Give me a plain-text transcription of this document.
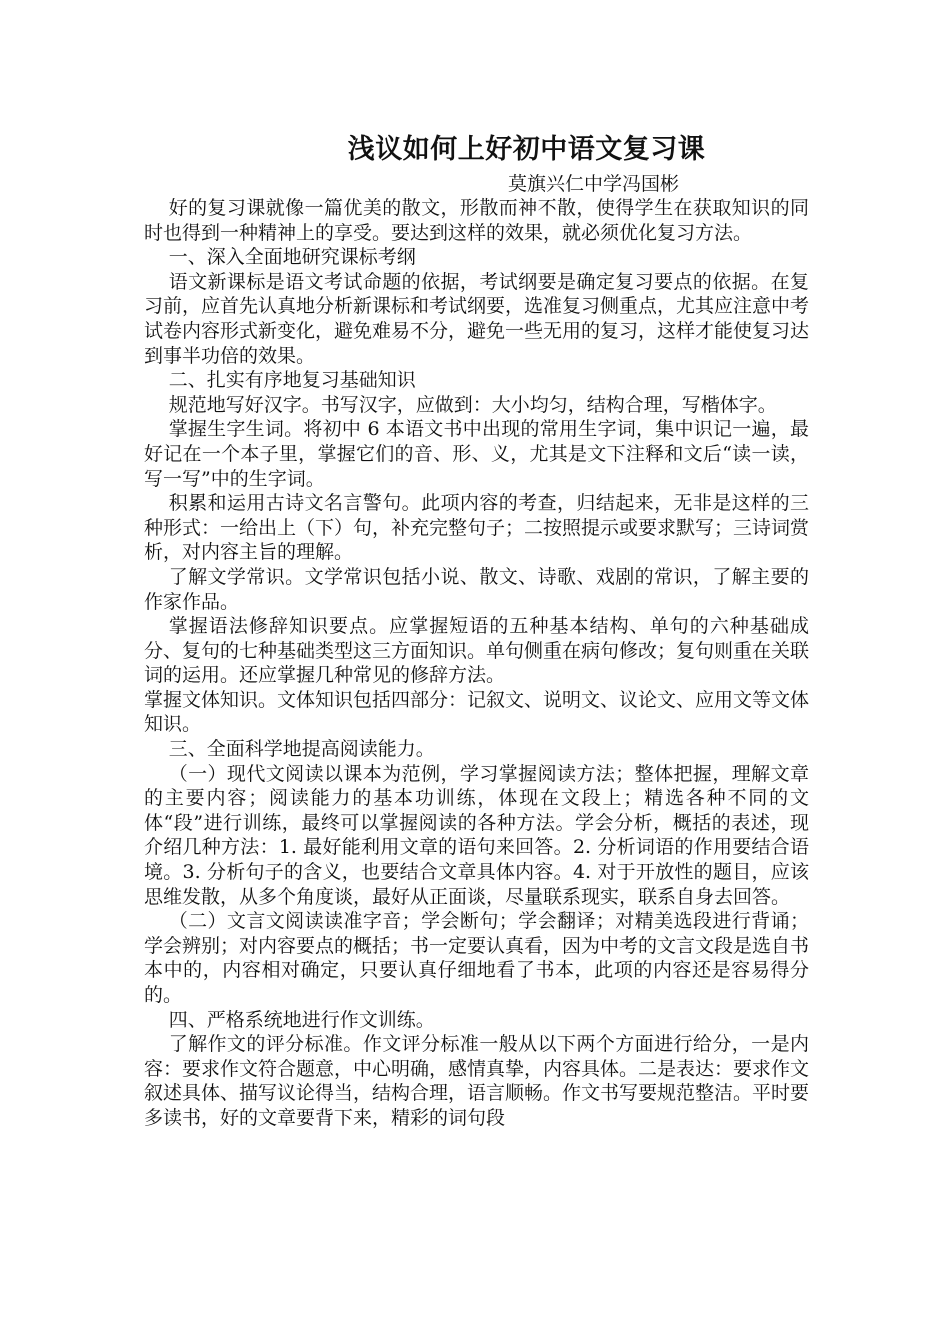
浅议如何上好初中语文复习课
莫旗兴仁中学冯国彬

好的复习课就像一篇优美的散文，形散而神不散，使得学生在获取知识的同时也得到一种精神上的享受。要达到这样的效果，就必须优化复习方法。

一、深入全面地研究课标考纲

语文新课标是语文考试命题的依据，考试纲要是确定复习要点的依据。在复习前，应首先认真地分析新课标和考试纲要，选准复习侧重点，尤其应注意中考试卷内容形式新变化，避免难易不分，避免一些无用的复习，这样才能使复习达到事半功倍的效果。

二、扎实有序地复习基础知识

规范地写好汉字。书写汉字，应做到：大小均匀，结构合理，写楷体字。

掌握生字生词。将初中 6 本语文书中出现的常用生字词，集中识记一遍，最好记在一个本子里，掌握它们的音、形、义，尤其是文下注释和文后“读一读，写一写”中的生字词。

积累和运用古诗文名言警句。此项内容的考查，归结起来，无非是这样的三种形式：一给出上（下）句，补充完整句子；二按照提示或要求默写；三诗词赏析，对内容主旨的理解。

了解文学常识。文学常识包括小说、散文、诗歌、戏剧的常识，了解主要的作家作品。

掌握语法修辞知识要点。应掌握短语的五种基本结构、单句的六种基础成分、复句的七种基础类型这三方面知识。单句侧重在病句修改；复句则重在关联词的运用。还应掌握几种常见的修辞方法。

掌握文体知识。文体知识包括四部分：记叙文、说明文、议论文、应用文等文体知识。

三、全面科学地提高阅读能力。

（一）现代文阅读以课本为范例，学习掌握阅读方法；整体把握，理解文章的主要内容；阅读能力的基本功训练，体现在文段上；精选各种不同的文体“段”进行训练，最终可以掌握阅读的各种方法。学会分析，概括的表述，现介绍几种方法：1. 最好能利用文章的语句来回答。2. 分析词语的作用要结合语境。3. 分析句子的含义，也要结合文章具体内容。4. 对于开放性的题目，应该思维发散，从多个角度谈，最好从正面谈，尽量联系现实，联系自身去回答。

（二）文言文阅读读准字音；学会断句；学会翻译；对精美选段进行背诵；学会辨别；对内容要点的概括；书一定要认真看，因为中考的文言文段是选自书本中的，内容相对确定，只要认真仔细地看了书本，此项的内容还是容易得分的。

四、严格系统地进行作文训练。

了解作文的评分标准。作文评分标准一般从以下两个方面进行给分，一是内容：要求作文符合题意，中心明确，感情真挚，内容具体。二是表达：要求作文叙述具体、描写议论得当，结构合理，语言顺畅。作文书写要规范整洁。平时要多读书，好的文章要背下来，精彩的词句段
